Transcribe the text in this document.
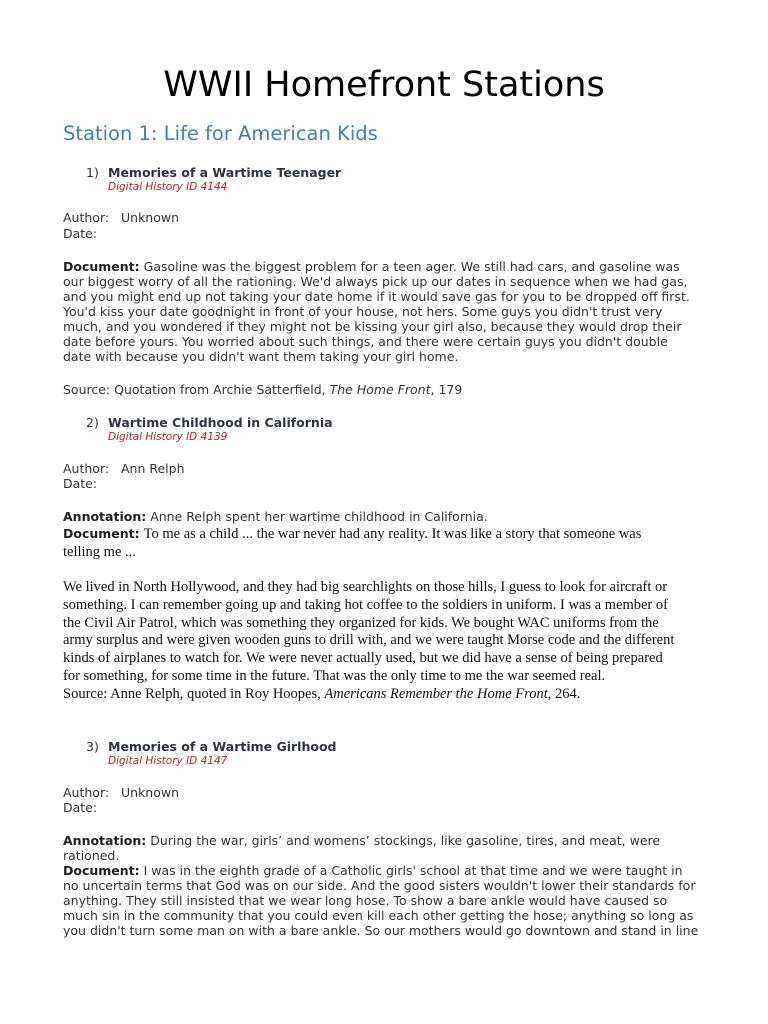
WWII Homefront Stations
Station 1: Life for American Kids
1) Memories of a Wartime Teenager
Digital History ID 4144
Author: Unknown
Date:
Document: Gasoline was the biggest problem for a teen ager. We still had cars, and gasoline was
our biggest worry of all the rationing. We'd always pick up our dates in sequence when we had gas,
and you might end up not taking your date home if it would save gas for you to be dropped off first.
You'd kiss your date goodnight in front of your house, not hers. Some guys you didn't trust very
much, and you wondered if they might not be kissing your girl also, because they would drop their
date before yours. You worried about such things, and there were certain guys you didn't double
date with because you didn't want them taking your girl home.
Source: Quotation from Archie Satterfield, The Home Front, 179
2) Wartime Childhood in California
Digital History ID 4139
Author: Ann Relph
Date:
Annotation: Anne Relph spent her wartime childhood in California.
Document: To me as a child ... the war never had any reality. It was like a story that someone was
telling me ...
We lived in North Hollywood, and they had big searchlights on those hills, I guess to look for aircraft or
something. I can remember going up and taking hot coffee to the soldiers in uniform. I was a member of
the Civil Air Patrol, which was something they organized for kids. We bought WAC uniforms from the
army surplus and were given wooden guns to drill with, and we were taught Morse code and the different
kinds of airplanes to watch for. We were never actually used, but we did have a sense of being prepared
for something, for some time in the future. That was the only time to me the war seemed real.
Source: Anne Relph, quoted in Roy Hoopes, Americans Remember the Home Front, 264.
3) Memories of a Wartime Girlhood
Digital History ID 4147
Author: Unknown
Date:
Annotation: During the war, girls’ and womens’ stockings, like gasoline, tires, and meat, were
rationed.
Document: I was in the eighth grade of a Catholic girls' school at that time and we were taught in
no uncertain terms that God was on our side. And the good sisters wouldn't lower their standards for
anything. They still insisted that we wear long hose. To show a bare ankle would have caused so
much sin in the community that you could even kill each other getting the hose; anything so long as
you didn't turn some man on with a bare ankle. So our mothers would go downtown and stand in line
